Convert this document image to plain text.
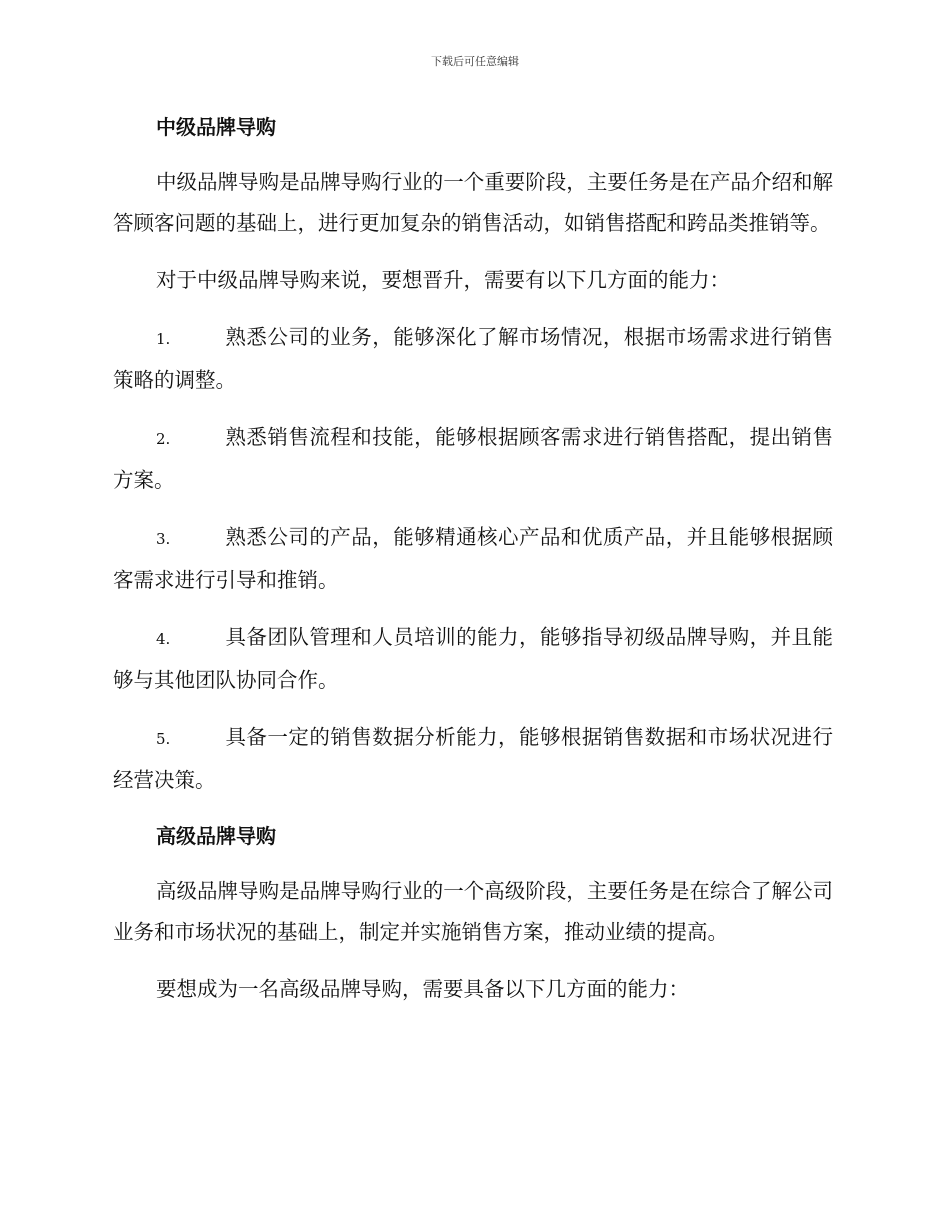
下载后可任意编辑
中级品牌导购

中级品牌导购是品牌导购行业的一个重要阶段，主要任务是在产品介绍和解答顾客问题的基础上，进行更加复杂的销售活动，如销售搭配和跨品类推销等。

对于中级品牌导购来说，要想晋升，需要有以下几方面的能力：

1.	熟悉公司的业务，能够深化了解市场情况，根据市场需求进行销售策略的调整。

2.	熟悉销售流程和技能，能够根据顾客需求进行销售搭配，提出销售方案。

3.	熟悉公司的产品，能够精通核心产品和优质产品，并且能够根据顾客需求进行引导和推销。

4.	具备团队管理和人员培训的能力，能够指导初级品牌导购，并且能够与其他团队协同合作。

5.	具备一定的销售数据分析能力，能够根据销售数据和市场状况进行经营决策。

高级品牌导购

高级品牌导购是品牌导购行业的一个高级阶段，主要任务是在综合了解公司业务和市场状况的基础上，制定并实施销售方案，推动业绩的提高。

要想成为一名高级品牌导购，需要具备以下几方面的能力：
